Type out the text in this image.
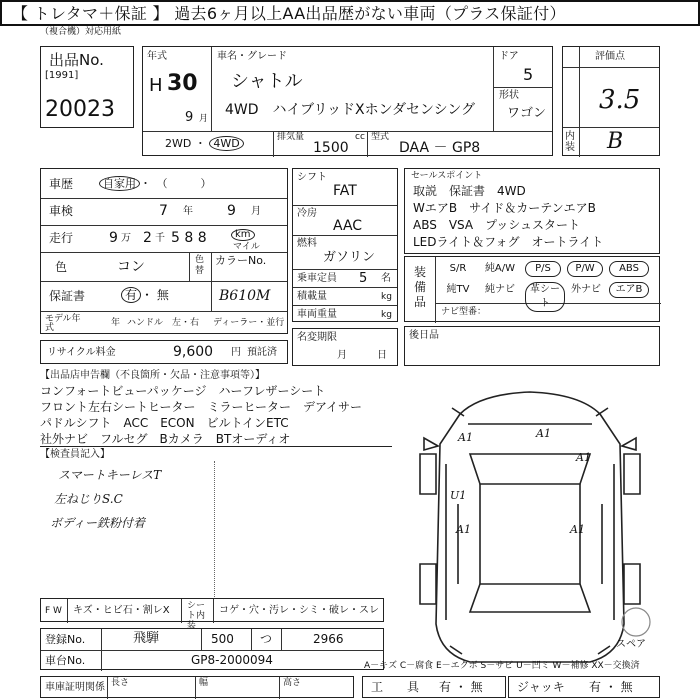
【 トレタマ＋保証 】 過去6ヶ月以上AA出品歴がない車両（プラス保証付）
（複合機）対応用紙
出品No.
[1991]
20023
年式
H 30
9 月
車名・グレード
シャトル
4WD　ハイブリッドXホンダセンシング
ドア
5
形状
ワゴン
2WD ・ 4WD	排気量	cc
1500
型式
DAA － GP8
評価点
3.5
内装 B
車歴	自家用 ・　（　　　）
車検	7 年 9 月
走行	9 万 2 千 5 8 8	km
マイル
色	コン	色替
カラーNo.
保証書	有 ・ 無	B610M
モデル年式	年 ハンドル　左・右 ディーラー・並行
リサイクル料金	9,600 円 預託済
シフト
FAT
冷房
AAC
燃料
ガソリン
乗車定員 5 名
積載量	kg
車両重量	kg
名変期限
月　　　日
セールスポイント
取説　保証書　4WD
WエアB　サイド＆カーテンエアB
ABS　VSA　プッシュスタート
LEDライト＆フォグ　オートライト
装備品
S/R	純A/W	P/S	P/W	ABS
純TV	純ナビ	革シート
外ナビ	エアB
ナビ型番：
後日品
【出品店申告欄（不良箇所・欠品・注意事項等）】
コンフォートビューパッケージ　ハーフレザーシート
フロント左右シートヒーター　ミラーヒーター　デアイサー
パドルシフト　ACC　ECON　ビルトインETC
社外ナビ　フルセグ　Bカメラ　BTオーディオ
【検査員記入】
スマートキーレスT
左ねじりS.C
ボディー鉄粉付着
A1	A1
A1
U1
A1	A1
スペア
F W キズ・ヒビ石・割レX シート内装
コゲ・穴・汚レ・シミ・破レ・スレ
登録No.	飛騨	500 つ	2966
車台No.	GP8-2000094	A－キズ C－腐食 E－エクボ S－サビ U－凹ミ W－補修 XX－交換済
車庫証明関係 長さ	幅	高さ	工　　具 有 ・ 無	ジャッキ 有 ・ 無
